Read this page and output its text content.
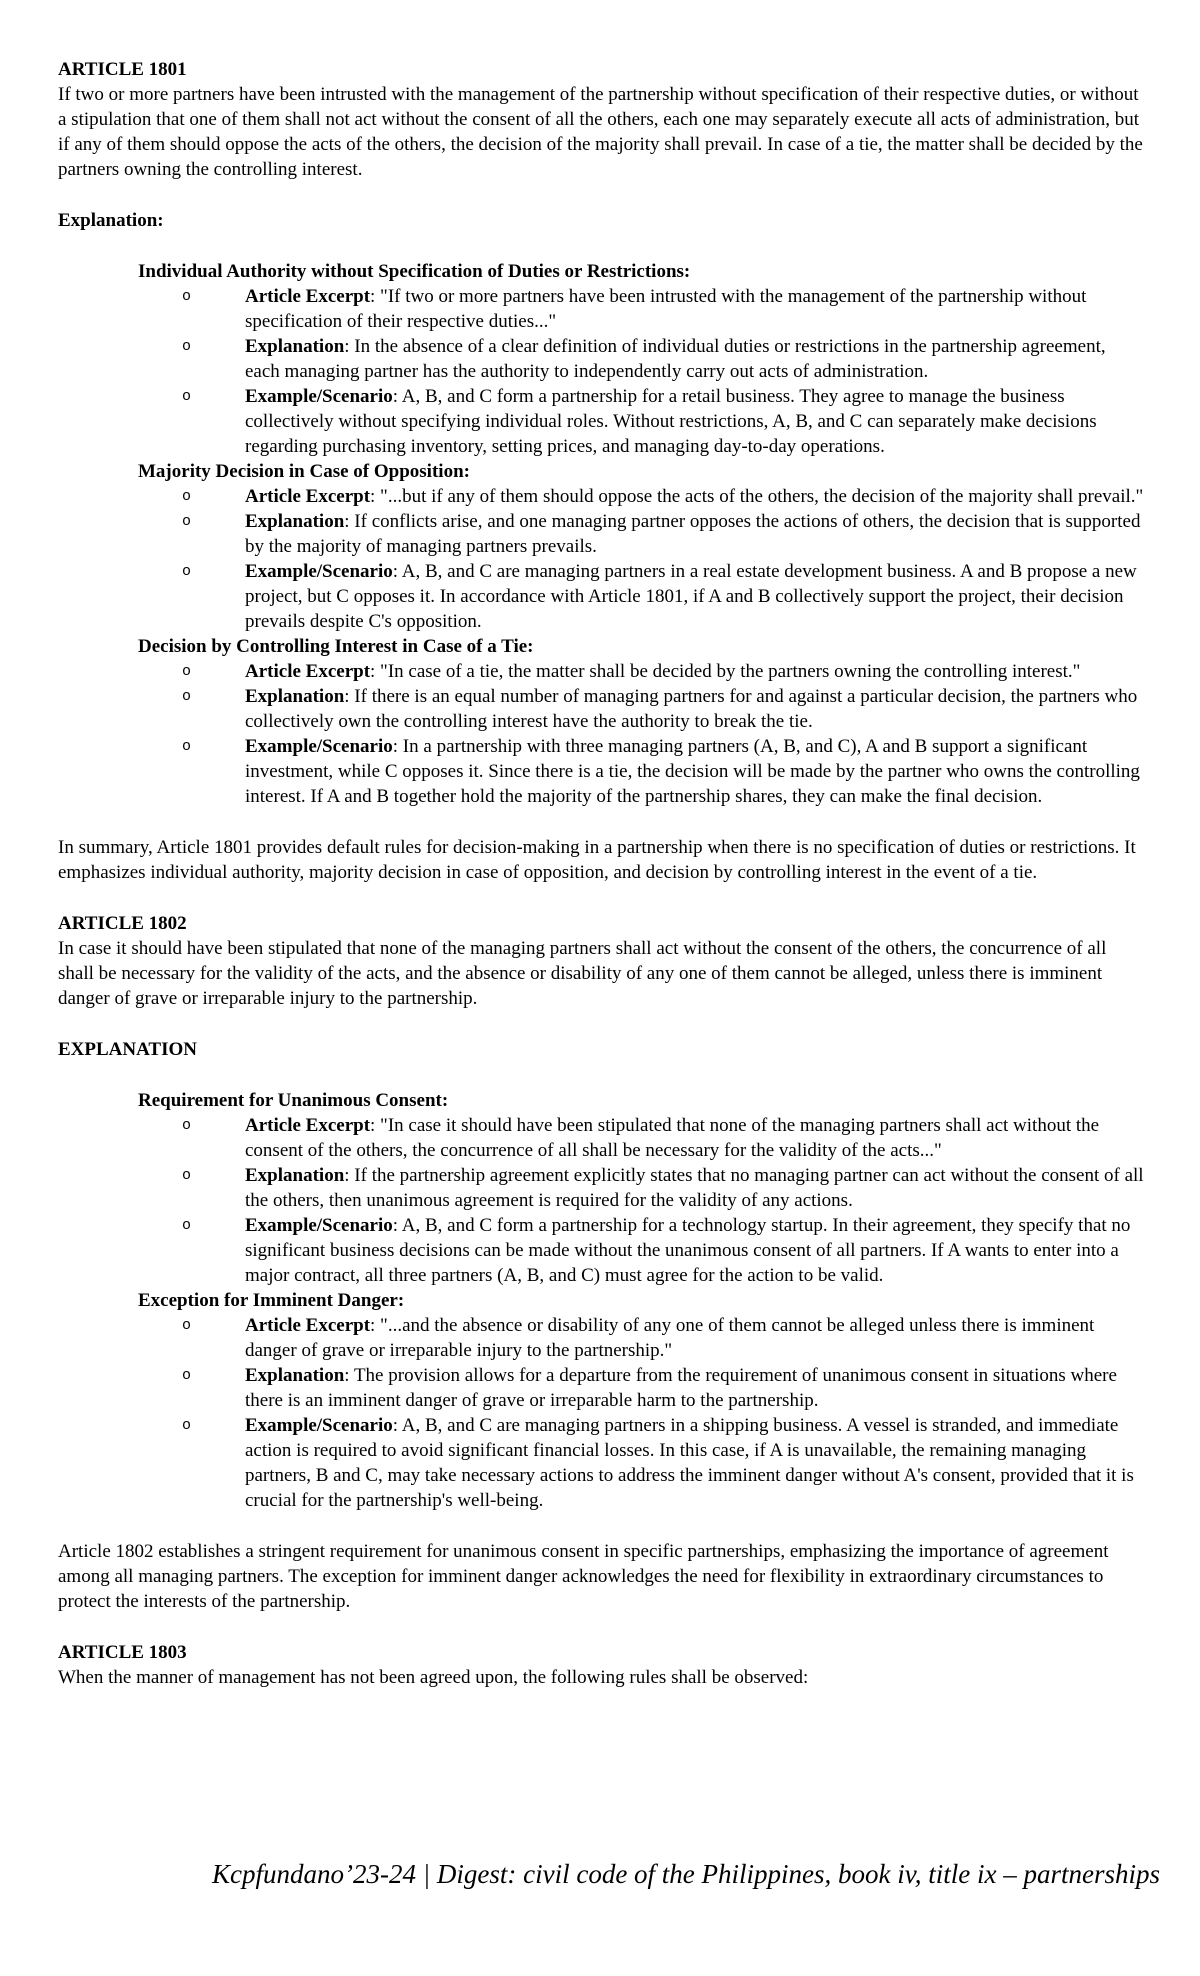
ARTICLE 1801

If two or more partners have been intrusted with the management of the partnership without specification of their respective duties, or without a stipulation that one of them shall not act without the consent of all the others, each one may separately execute all acts of administration, but if any of them should oppose the acts of the others, the decision of the majority shall prevail. In case of a tie, the matter shall be decided by the partners owning the controlling interest.

Explanation:
Individual Authority without Specification of Duties or Restrictions:
o	Article Excerpt: "If two or more partners have been intrusted with the management of the partnership without specification of their respective duties..."
o	Explanation: In the absence of a clear definition of individual duties or restrictions in the partnership agreement, each managing partner has the authority to independently carry out acts of administration.
o	Example/Scenario: A, B, and C form a partnership for a retail business. They agree to manage the business collectively without specifying individual roles. Without restrictions, A, B, and C can separately make decisions regarding purchasing inventory, setting prices, and managing day-to-day operations.
Majority Decision in Case of Opposition:
o	Article Excerpt: "...but if any of them should oppose the acts of the others, the decision of the majority shall prevail."
o	Explanation: If conflicts arise, and one managing partner opposes the actions of others, the decision that is supported by the majority of managing partners prevails.
o	Example/Scenario: A, B, and C are managing partners in a real estate development business. A and B propose a new project, but C opposes it. In accordance with Article 1801, if A and B collectively support the project, their decision prevails despite C's opposition.
Decision by Controlling Interest in Case of a Tie:
o	Article Excerpt: "In case of a tie, the matter shall be decided by the partners owning the controlling interest."
o	Explanation: If there is an equal number of managing partners for and against a particular decision, the partners who collectively own the controlling interest have the authority to break the tie.
o	Example/Scenario: In a partnership with three managing partners (A, B, and C), A and B support a significant investment, while C opposes it. Since there is a tie, the decision will be made by the partner who owns the controlling interest. If A and B together hold the majority of the partnership shares, they can make the final decision.

In summary, Article 1801 provides default rules for decision-making in a partnership when there is no specification of duties or restrictions. It emphasizes individual authority, majority decision in case of opposition, and decision by controlling interest in the event of a tie.

ARTICLE 1802

In case it should have been stipulated that none of the managing partners shall act without the consent of the others, the concurrence of all shall be necessary for the validity of the acts, and the absence or disability of any one of them cannot be alleged, unless there is imminent danger of grave or irreparable injury to the partnership.

EXPLANATION
Requirement for Unanimous Consent:
o	Article Excerpt: "In case it should have been stipulated that none of the managing partners shall act without the consent of the others, the concurrence of all shall be necessary for the validity of the acts..."
o	Explanation: If the partnership agreement explicitly states that no managing partner can act without the consent of all the others, then unanimous agreement is required for the validity of any actions.
o	Example/Scenario: A, B, and C form a partnership for a technology startup. In their agreement, they specify that no significant business decisions can be made without the unanimous consent of all partners. If A wants to enter into a major contract, all three partners (A, B, and C) must agree for the action to be valid.
Exception for Imminent Danger:
o	Article Excerpt: "...and the absence or disability of any one of them cannot be alleged unless there is imminent danger of grave or irreparable injury to the partnership."
o	Explanation: The provision allows for a departure from the requirement of unanimous consent in situations where there is an imminent danger of grave or irreparable harm to the partnership.
o	Example/Scenario: A, B, and C are managing partners in a shipping business. A vessel is stranded, and immediate action is required to avoid significant financial losses. In this case, if A is unavailable, the remaining managing partners, B and C, may take necessary actions to address the imminent danger without A's consent, provided that it is crucial for the partnership's well-being.

Article 1802 establishes a stringent requirement for unanimous consent in specific partnerships, emphasizing the importance of agreement among all managing partners. The exception for imminent danger acknowledges the need for flexibility in extraordinary circumstances to protect the interests of the partnership.

ARTICLE 1803

When the manner of management has not been agreed upon, the following rules shall be observed:

Kcpfundano’23-24 | Digest: civil code of the Philippines, book iv, title ix – partnerships
